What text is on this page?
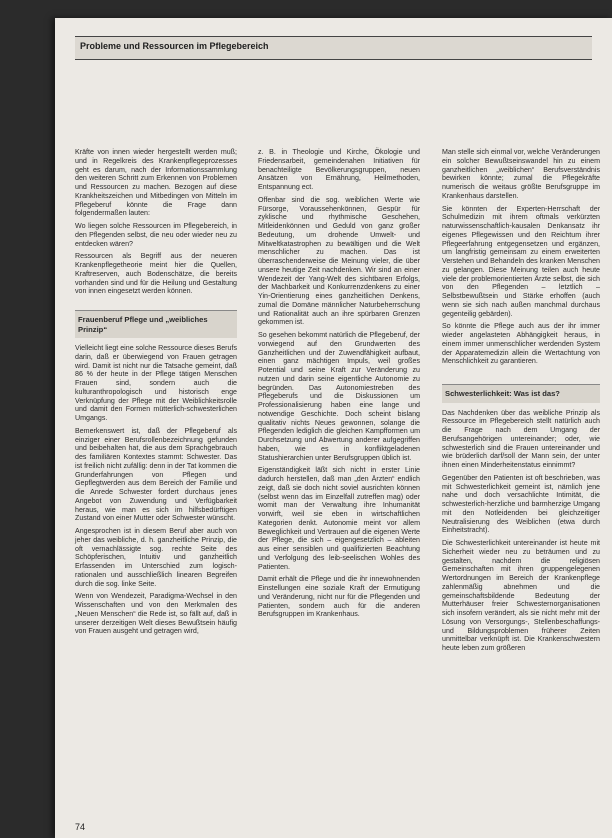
Probleme und Ressourcen im Pflegebereich

Kräfte von innen wieder hergestellt werden muß; und in Regelkreis des Krankenpflegeprozesses geht es darum, nach der Informationssammlung den weiteren Schritt zum Erkennen von Problemen und Ressourcen zu machen. Bezogen auf diese Krankheitszeichen und Mitbedingen von Mitteln im Pflegeberuf könnte die Frage dann folgendermaßen lauten:

Wo liegen solche Ressourcen im Pflegebereich, in den Pflegenden selbst, die neu oder wieder neu zu entdecken wären?

Ressourcen als Begriff aus der neueren Krankenpflegetheorie meint hier die Quellen, Kraftreserven, auch Bodenschätze, die bereits vorhanden sind und für die Heilung und Gestaltung von innen eingesetzt werden können.

Frauenberuf Pflege und „weibliches Prinzip“

Vielleicht liegt eine solche Ressource dieses Berufs darin, daß er überwiegend von Frauen getragen wird. Damit ist nicht nur die Tatsache gemeint, daß 86 % der heute in der Pflege tätigen Menschen Frauen sind, sondern auch die kulturanthropologisch und historisch enge Verknüpfung der Pflege mit der Weiblichkeitsrolle und damit den Formen mütterlich-schwesterlichen Umgangs.

Bemerkenswert ist, daß der Pflegeberuf als einziger einer Berufsrollenbezeichnung gefunden und beibehalten hat, die aus dem Sprachgebrauch des familiären Kontextes stammt: Schwester. Das ist freilich nicht zufällig: denn in der Tat kommen die Grunderfahrungen von Pflegen und Gepflegtwerden aus dem Bereich der Familie und die Anrede Schwester fordert durchaus jenes Angebot von Zuwendung und Verfügbarkeit heraus, wie man es sich im hilfsbedürftigen Zustand von einer Mutter oder Schwester wünscht.

Angesprochen ist in diesem Beruf aber auch von jeher das weibliche, d. h. ganzheitliche Prinzip, die oft vernachlässigte sog. rechte Seite des Schöpferischen, Intuitiv und ganzheitlich Erfassenden im Unterschied zum logisch-rationalen und ausschließlich linearen Begreifen durch die sog. linke Seite.

Wenn von Wendezeit, Paradigma-Wechsel in den Wissenschaften und von den Merkmalen des „Neuen Menschen“ die Rede ist, so fällt auf, daß in unserer derzeitigen Welt dieses Bewußtsein häufig von Frauen ausgeht und getragen wird,

z. B. in Theologie und Kirche, Ökologie und Friedensarbeit, gemeindenahen Initiativen für benachteiligte Bevölkerungsgruppen, neuen Ansätzen von Ernährung, Heilmethoden, Entspannung ect.

Offenbar sind die sog. weiblichen Werte wie Fürsorge, Voraussehenkönnen, Gespür für zyklische und rhythmische Geschehen, Mitleidenkönnen und Geduld von ganz großer Bedeutung, um drohende Umwelt- und Mitweltkatastrophen zu bewältigen und die Welt menschlicher zu machen. Das ist überraschenderweise die Meinung vieler, die über unsere heutige Zeit nachdenken. Wir sind an einer Wendezeit der Yang-Welt des sichtbaren Erfolgs, der Machbarkeit und Konkurrenzdenkens zu einer Yin-Orientierung eines ganzheitlichen Denkens, zumal die Domäne männlicher Naturbeherrschung und Rationalität auch an ihre spürbaren Grenzen gekommen ist.

So gesehen bekommt natürlich die Pflegeberuf, der vorwiegend auf den Grundwerten des Ganzheitlichen und der Zuwendfähigkeit aufbaut, einen ganz mächtigen Impuls, weil großes Potential und seine Kraft zur Veränderung zu nutzen und darin seine eigentliche Autonomie zu begründen. Das Autonomiestreben des Pflegeberufs und die Diskussionen um Professionalisierung haben eine lange und notwendige Geschichte. Doch scheint bislang qualitativ nichts Neues gewonnen, solange die Pflegenden lediglich die gleichen Kampfformen um Durchsetzung und Abwertung anderer aufgegriffen haben, wie es in konfliktgeladenen Statushierarchien unter Berufsgruppen üblich ist.

Eigenständigkeit läßt sich nicht in erster Linie dadurch herstellen, daß man „den Ärzten“ endlich zeigt, daß sie doch nicht soviel ausrichten können (selbst wenn das im Einzelfall zutreffen mag) oder womit man der Verwaltung ihre Inhumanität vorwirft, weil sie eben in wirtschaftlichen Kategorien denkt. Autonomie meint vor allem Beweglichkeit und Vertrauen auf die eigenen Werte der Pflege, die sich – eigengesetzlich – ableiten aus einer sensiblen und qualifizierten Beachtung und Verfolgung des leib-seelischen Wohles des Patienten.

Damit erhält die Pflege und die ihr innewohnenden Einstellungen eine soziale Kraft der Ermutigung und Veränderung, nicht nur für die Pflegenden und Patienten, sondern auch für die anderen Berufsgruppen im Krankenhaus.

Man stelle sich einmal vor, welche Veränderungen ein solcher Bewußtseinswandel hin zu einem ganzheitlichen „weiblichen“ Berufsverständnis bewirken könnte; zumal die Pflegekräfte numerisch die weitaus größte Berufsgruppe im Krankenhaus darstellen.

Sie könnten der Experten-Herrschaft der Schulmedizin mit ihrem oftmals verkürzten naturwissenschaftlich-kausalen Denkansatz ihr eigenes Pflegewissen und den Reichtum ihrer Pflegeerfahrung entgegensetzen und ergänzen, um langfristig gemeinsam zu einem erweiterten Verstehen und Behandeln des kranken Menschen zu gelangen. Diese Meinung teilen auch heute viele der problemorientierten Ärzte selbst, die sich von den Pflegenden – letztlich – Selbstbewußtsein und Stärke erhoffen (auch wenn sie sich nach außen manchmal durchaus gegenteilig gebärden).

So könnte die Pflege auch aus der ihr immer wieder angelasteten Abhängigkeit heraus, in einem immer unmenschlicher werdenden System der Apparatemedizin allein die Wertachtung von Menschlichkeit zu garantieren.

Schwesterlichkeit: Was ist das?

Das Nachdenken über das weibliche Prinzip als Ressource im Pflegebereich stellt natürlich auch die Frage nach dem Umgang der Berufsangehörigen untereinander; oder, wie schwesterlich sind die Frauen untereinander und wie brüderlich darf/soll der Mann sein, der unter ihnen einen Minderheitenstatus einnimmt?

Gegenüber den Patienten ist oft beschrieben, was mit Schwesterlichkeit gemeint ist, nämlich jene nahe und doch versachlichte Intimität, die schwesterlich-herzliche und barmherzige Umgang mit den Notleidenden bei gleichzeitiger Neutralisierung des Weiblichen (etwa durch Einheitstracht).

Die Schwesterlichkeit untereinander ist heute mit Sicherheit wieder neu zu beträumen und zu gestalten, nachdem die religiösen Gemeinschaften mit ihren gruppengelegenen Wertordnungen im Bereich der Krankenpflege zahlenmäßig abnehmen und die gemeinschaftsbildende Bedeutung der Mutterhäuser freier Schwesternorganisationen sich insofern verändert, als sie nicht mehr mit der Lösung von Versorgungs-, Stellenbeschaffungs- und Bildungsproblemen früherer Zeiten unmittelbar verknüpft ist. Die Krankenschwestern heute leben zum größeren

74
